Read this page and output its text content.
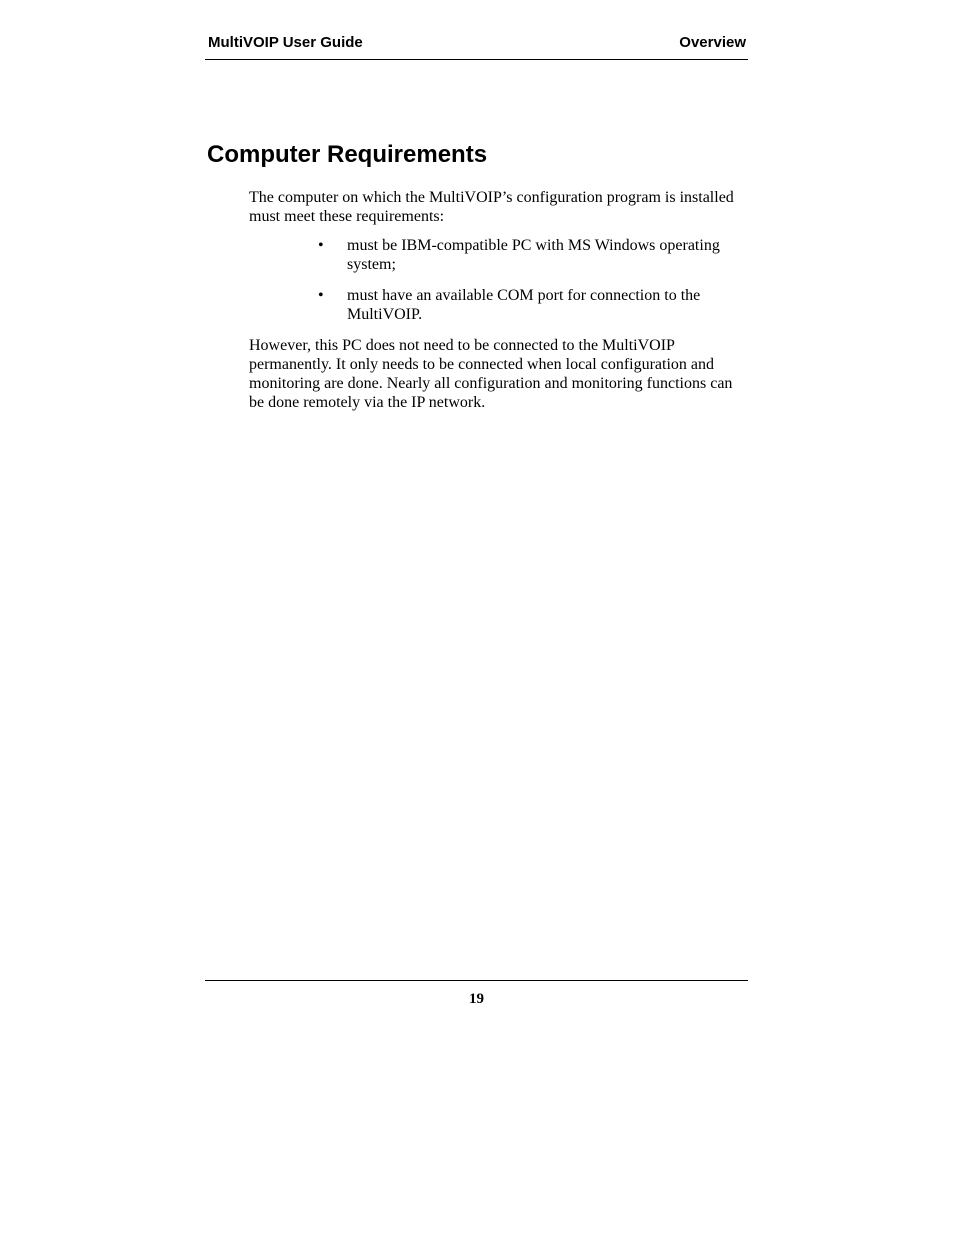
MultiVOIP User Guide	Overview
Computer Requirements

The computer on which the MultiVOIP’s configuration program is installed must meet these requirements:

• must be IBM-compatible PC with MS Windows operating system;
• must have an available COM port for connection to the MultiVOIP.

However, this PC does not need to be connected to the MultiVOIP permanently. It only needs to be connected when local configuration and monitoring are done. Nearly all configuration and monitoring functions can be done remotely via the IP network.

19
